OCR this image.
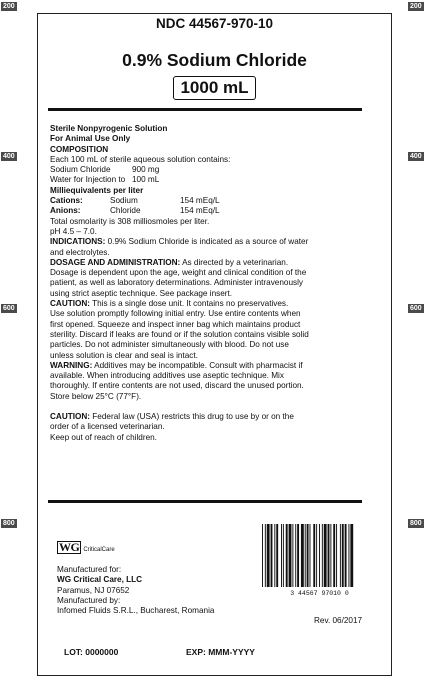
200	200
400	400
600	600
800	800
NDC 44567-970-10
0.9% Sodium Chloride
1000 mL

Sterile Nonpyrogenic Solution

For Animal Use Only

COMPOSITION

Each 100 mL of sterile aqueous solution contains:

Sodium Chloride	900 mg
Water for Injection to 100 mL

Milliequivalents per liter

Cations:	Sodium	154 mEq/L
Anions:	Chloride	154 mEq/L

Total osmolarity is 308 milliosmoles per liter.

pH 4.5 – 7.0.

INDICATIONS: 0.9% Sodium Chloride is indicated as a source of water

and electrolytes.

DOSAGE AND ADMINISTRATION: As directed by a veterinarian.

Dosage is dependent upon the age, weight and clinical condition of the

patient, as well as laboratory determinations. Administer intravenously

using strict aseptic technique. See package insert.

CAUTION: This is a single dose unit. It contains no preservatives.

Use solution promptly following initial entry. Use entire contents when

first opened. Squeeze and inspect inner bag which maintains product

sterility. Discard if leaks are found or if the solution contains visible solid

particles. Do not administer simultaneously with blood. Do not use

unless solution is clear and seal is intact.

WARNING: Additives may be incompatible. Consult with pharmacist if

available. When introducing additives use aseptic technique. Mix

thoroughly. If entire contents are not used, discard the unused portion.

Store below 25°C (77°F).

CAUTION: Federal law (USA) restricts this drug to use by or on the

order of a licensed veterinarian.

Keep out of reach of children.

WG CriticalCare

Manufactured for:

WG Critical Care, LLC

Paramus, NJ 07652

Manufactured by:

Infomed Fluids S.R.L., Bucharest, Romania

Rev. 06/2017
3 44567 97010 0
LOT: 0000000	EXP: MMM-YYYY
